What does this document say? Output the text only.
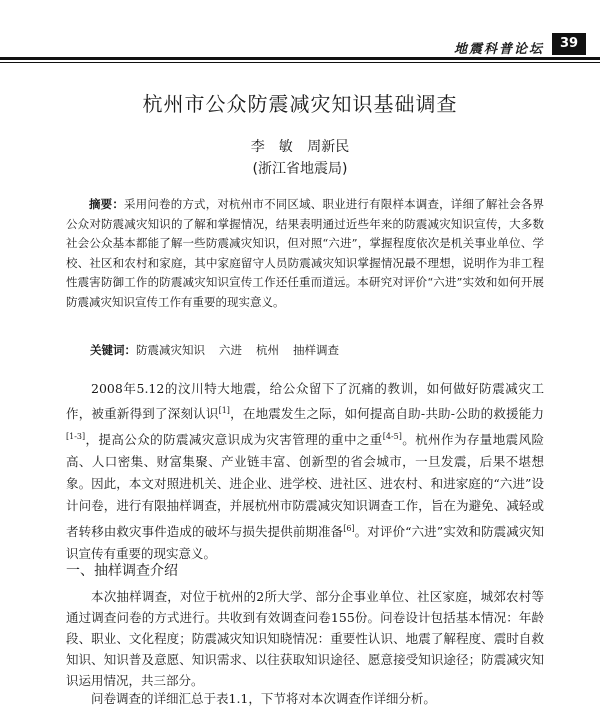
地震科普论坛	39
杭州市公众防震减灾知识基础调查
李　敏 周新民
(浙江省地震局)
摘要：采用问卷的方式，对杭州市不同区域、职业进行有限样本调查，详细了解社会各界公众对防震减灾知识的了解和掌握情况，结果表明通过近些年来的防震减灾知识宣传，大多数社会公众基本都能了解一些防震减灾知识，但对照“六进”，掌握程度依次是机关事业单位、学校、社区和农村和家庭，其中家庭留守人员防震减灾知识掌握情况最不理想，说明作为非工程性震害防御工作的防震减灾知识宣传工作还任重而道远。本研究对评价“六进”实效和如何开展防震减灾知识宣传工作有重要的现实意义。
关键词：防震减灾知识 六进 杭州 抽样调查
2008年5.12的汶川特大地震，给公众留下了沉痛的教训，如何做好防震减灾工作，被重新得到了深刻认识[1]，在地震发生之际，如何提高自助-共助-公助的救援能力[1-3]，提高公众的防震减灾意识成为灾害管理的重中之重[4-5]。杭州作为存量地震风险高、人口密集、财富集聚、产业链丰富、创新型的省会城市，一旦发震，后果不堪想象。因此，本文对照进机关、进企业、进学校、进社区、进农村、和进家庭的“六进”设计问卷，进行有限抽样调查，并展杭州市防震减灾知识调查工作，旨在为避免、减轻或者转移由救灾事件造成的破坏与损失提供前期准备[6]。对评价“六进”实效和防震减灾知识宣传有重要的现实意义。
一、抽样调查介绍
本次抽样调查，对位于杭州的2所大学、部分企事业单位、社区家庭，城郊农村等通过调查问卷的方式进行。共收到有效调查问卷155份。问卷设计包括基本情况：年龄段、职业、文化程度；防震减灾知识知晓情况：重要性认识、地震了解程度、震时自救知识、知识普及意愿、知识需求、以往获取知识途径、愿意接受知识途径；防震减灾知识运用情况，共三部分。
问卷调查的详细汇总于表1.1，下节将对本次调查作详细分析。
